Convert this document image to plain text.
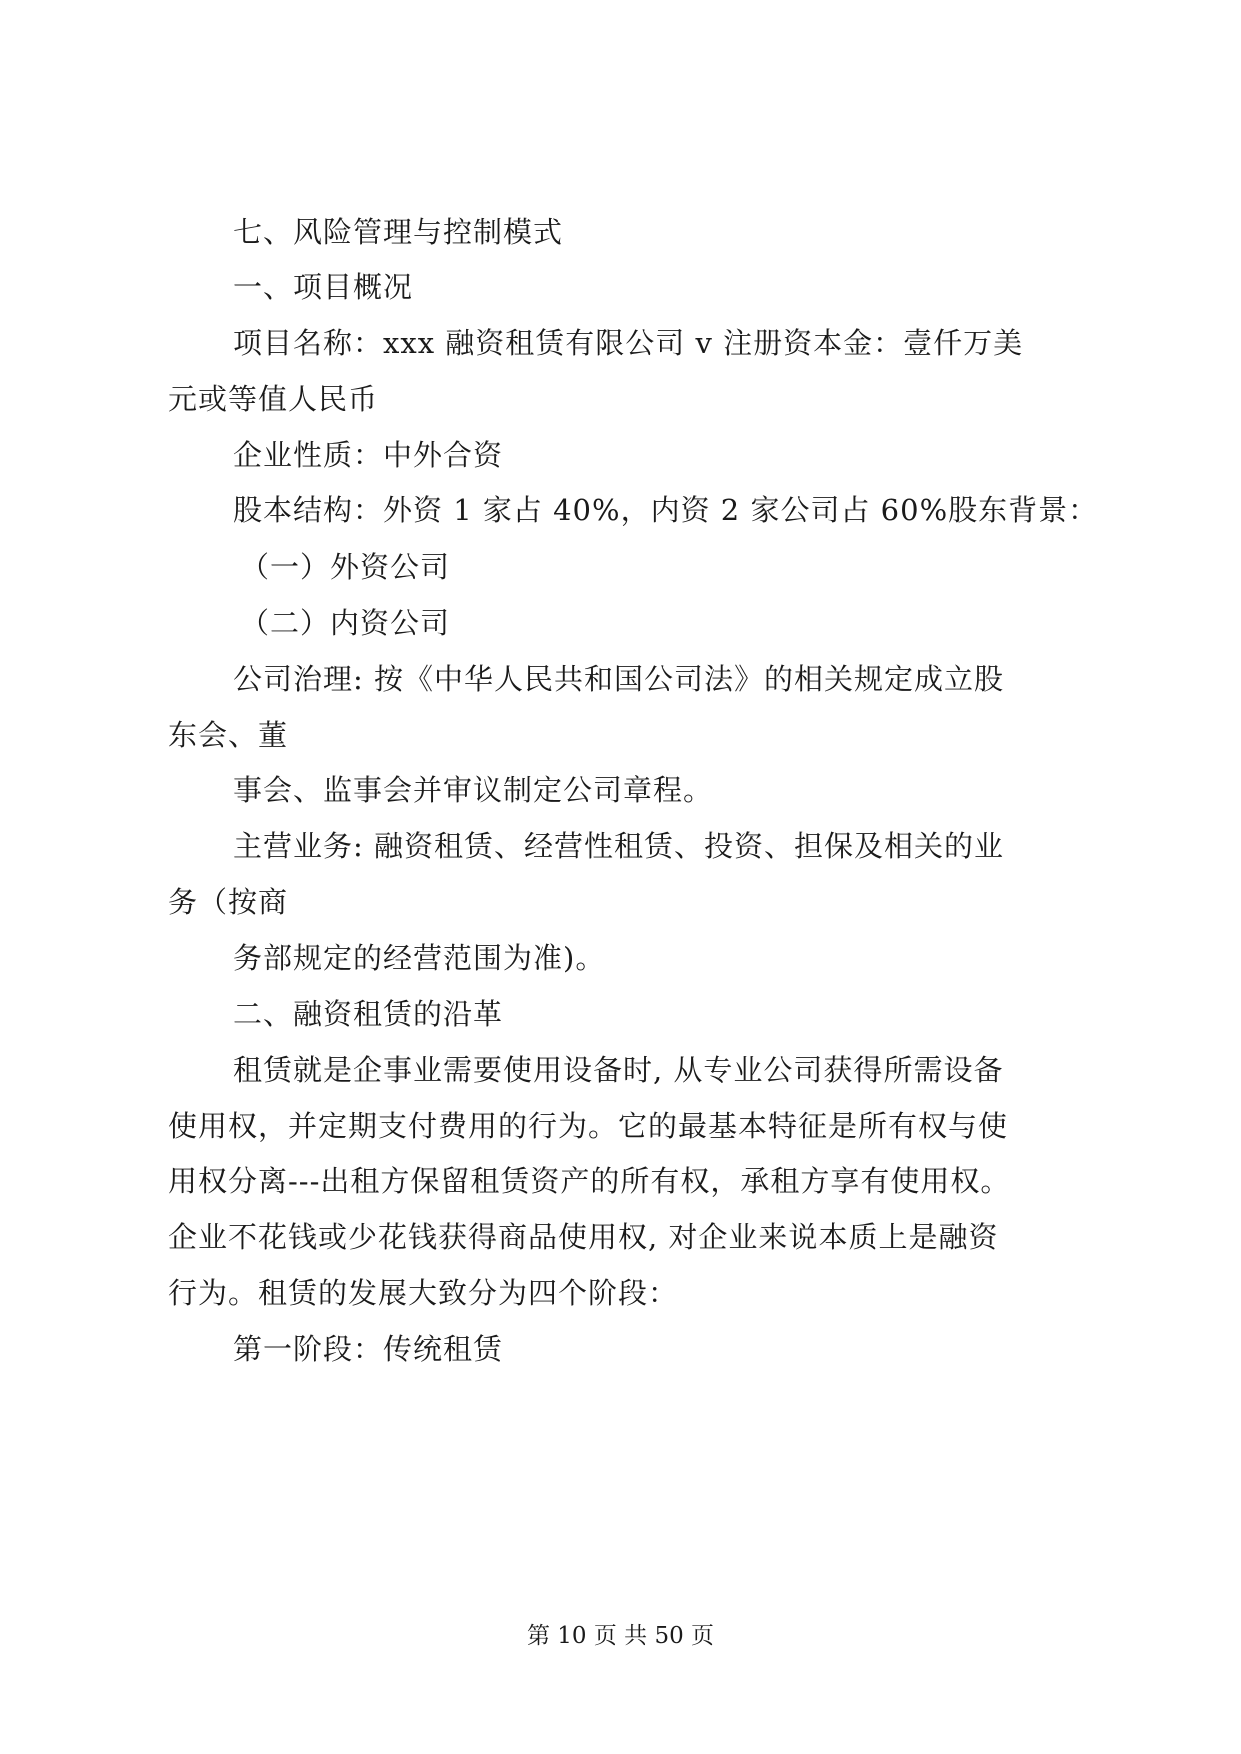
七、风险管理与控制模式
一、项目概况
项目名称：xxx 融资租赁有限公司 v 注册资本金：壹仟万美
元或等值人民币
企业性质：中外合资
股本结构：外资 1 家占 40%，内资 2 家公司占 60%股东背景：
（一）外资公司
（二）内资公司
公司治理: 按《中华人民共和国公司法》的相关规定成立股
东会、董
事会、监事会并审议制定公司章程。
主营业务: 融资租赁、经营性租赁、投资、担保及相关的业
务（按商
务部规定的经营范围为准)。
二、融资租赁的沿革
租赁就是企事业需要使用设备时, 从专业公司获得所需设备
使用权，并定期支付费用的行为。它的最基本特征是所有权与使
用权分离---出租方保留租赁资产的所有权，承租方享有使用权。
企业不花钱或少花钱获得商品使用权, 对企业来说本质上是融资
行为。租赁的发展大致分为四个阶段：
第一阶段：传统租赁
第 10 页 共 50 页
